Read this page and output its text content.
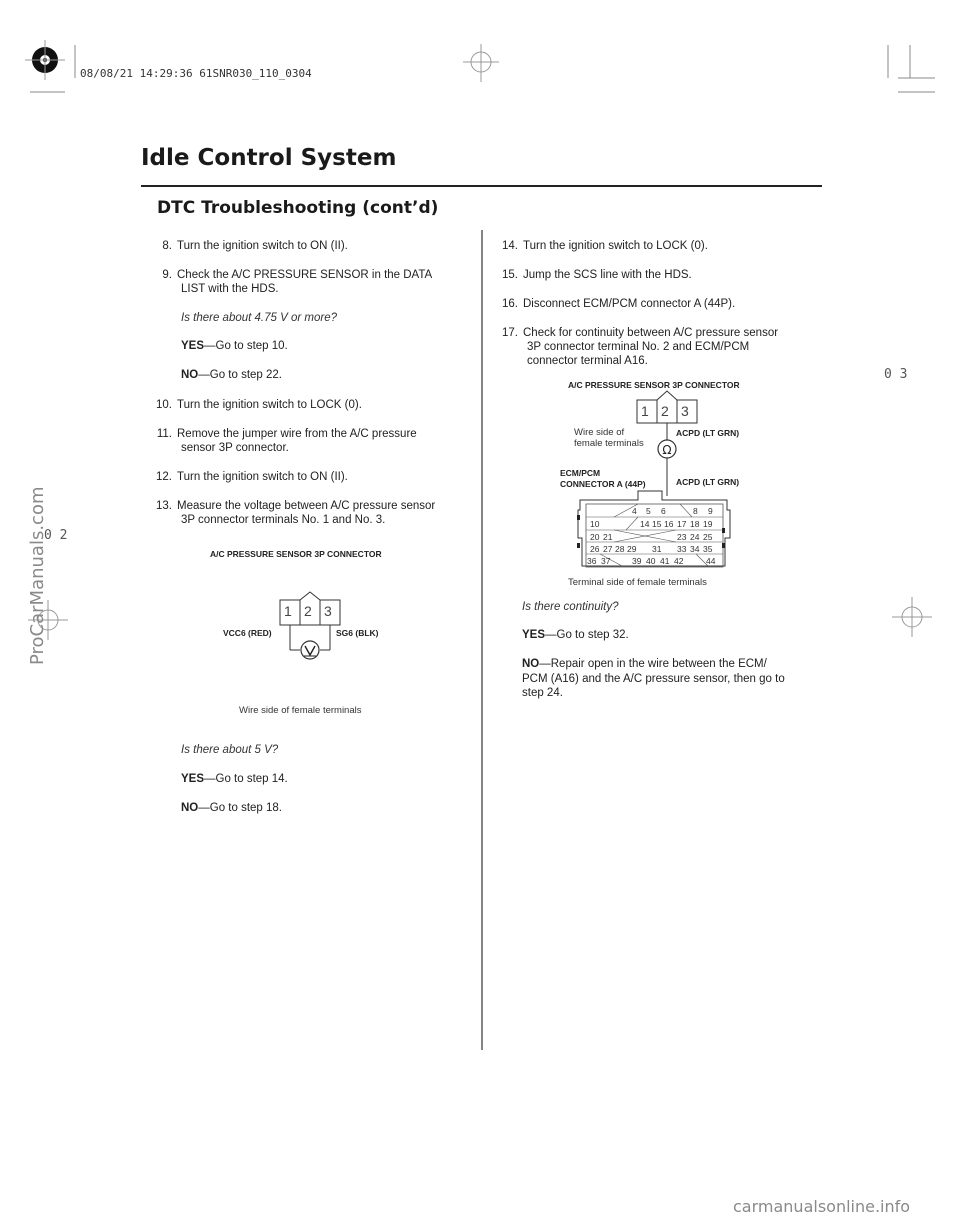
08/08/21 14:29:36 61SNR030_110_0304
Idle Control System
DTC Troubleshooting (cont’d)
0 2
0 3
ProCarManuals.com
carmanualsonline.info
8. Turn the ignition switch to ON (II).
9. Check the A/C PRESSURE SENSOR in the DATA
LIST with the HDS.
Is there about 4.75 V or more?
YES—Go to step 10.
NO—Go to step 22.
10. Turn the ignition switch to LOCK (0).
11. Remove the jumper wire from the A/C pressure
sensor 3P connector.
12. Turn the ignition switch to ON (II).
13. Measure the voltage between A/C pressure sensor
3P connector terminals No. 1 and No. 3.
A/C PRESSURE SENSOR 3P CONNECTOR
1 2 3
VCC6 (RED)	SG6 (BLK)
Wire side of female terminals
Is there about 5 V?
YES—Go to step 14.
NO—Go to step 18.
14. Turn the ignition switch to LOCK (0).
15. Jump the SCS line with the HDS.
16. Disconnect ECM/PCM connector A (44P).
17. Check for continuity between A/C pressure sensor
3P connector terminal No. 2 and ECM/PCM
connector terminal A16.
A/C PRESSURE SENSOR 3P CONNECTOR
Ω
1 2 3
Wire side of
female terminals
ACPD (LT GRN)
ECM/PCM
CONNECTOR A (44P)	ACPD (LT GRN)
4 5 6	8 9
10	14 15 16 17 18 19
20 21	23 24 25
26 27 28 29 31 33 34 35
36 37	39 40 41 42	44
Terminal side of female terminals
Is there continuity?
YES—Go to step 32.
NO—Repair open in the wire between the ECM/
PCM (A16) and the A/C pressure sensor, then go to
step 24.
